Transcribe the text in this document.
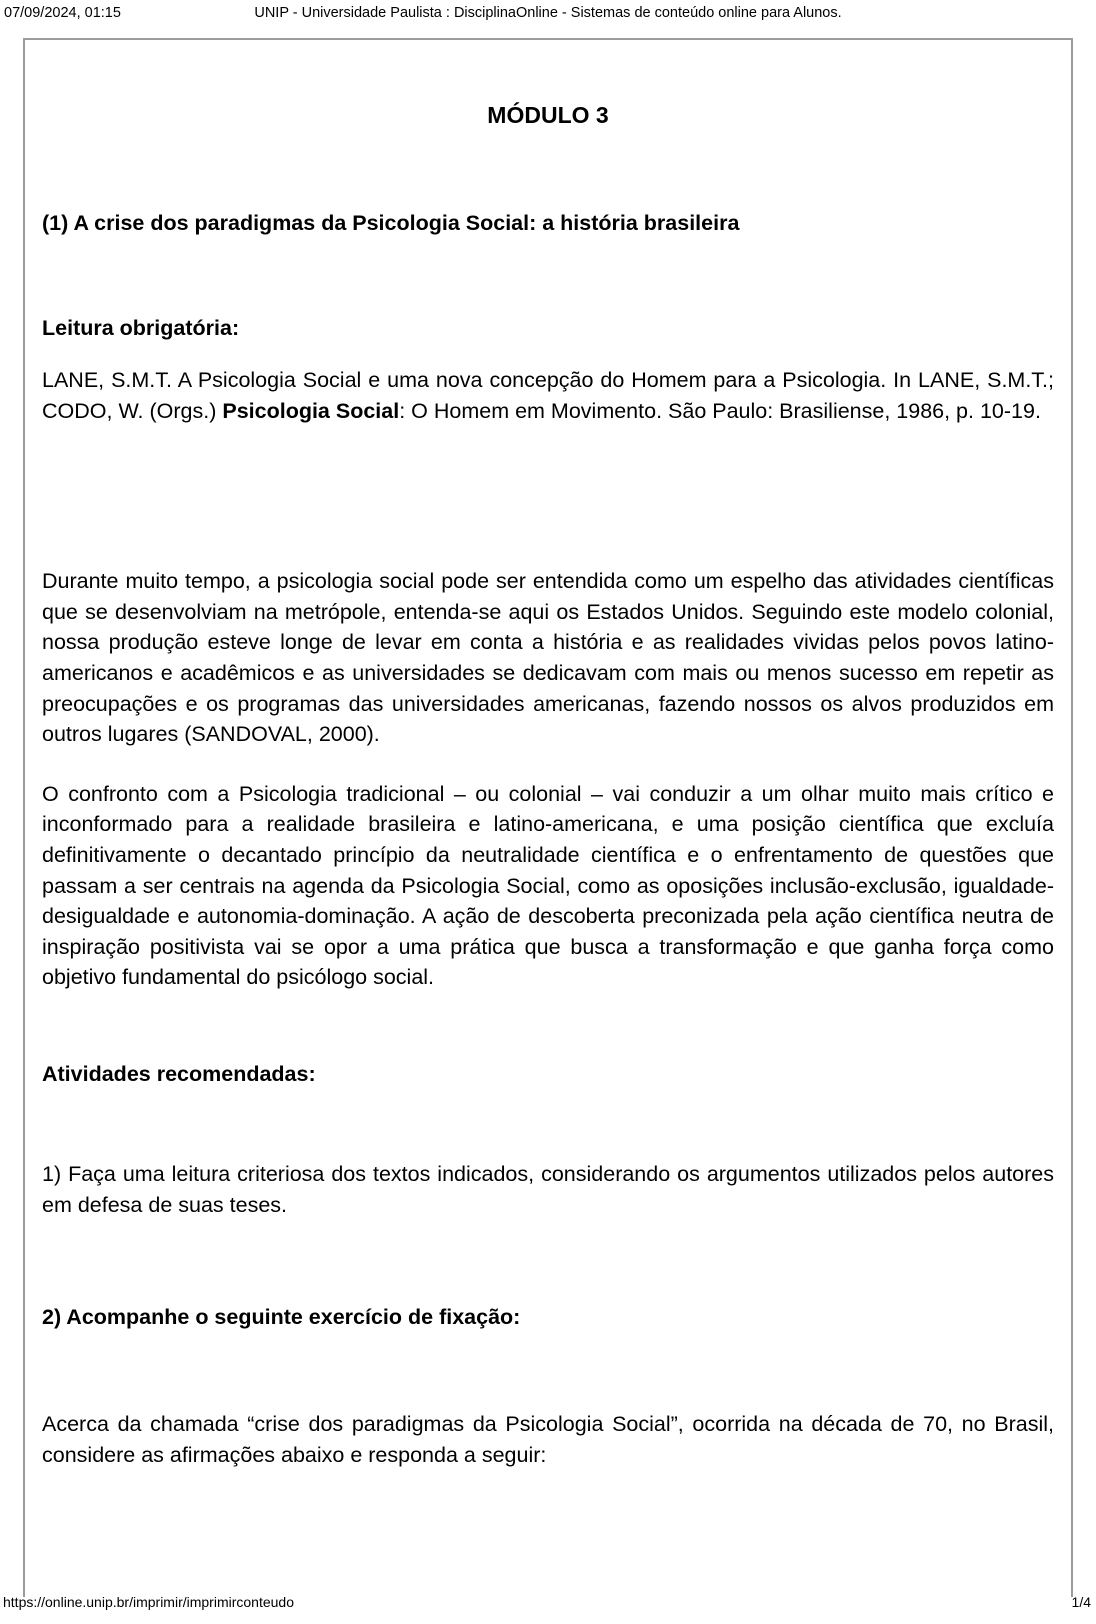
07/09/2024, 01:15	UNIP - Universidade Paulista : DisciplinaOnline - Sistemas de conteúdo online para Alunos.
MÓDULO 3
(1) A crise dos paradigmas da Psicologia Social: a história brasileira
Leitura obrigatória:

LANE, S.M.T. A Psicologia Social e uma nova concepção do Homem para a Psicologia. In LANE, S.M.T.; CODO, W. (Orgs.) Psicologia Social: O Homem em Movimento. São Paulo: Brasiliense, 1986, p. 10-19.

Durante muito tempo, a psicologia social pode ser entendida como um espelho das atividades científicas que se desenvolviam na metrópole, entenda-se aqui os Estados Unidos. Seguindo este modelo colonial, nossa produção esteve longe de levar em conta a história e as realidades vividas pelos povos latino-americanos e acadêmicos e as universidades se dedicavam com mais ou menos sucesso em repetir as preocupações e os programas das universidades americanas, fazendo nossos os alvos produzidos em outros lugares (SANDOVAL, 2000).

O confronto com a Psicologia tradicional – ou colonial – vai conduzir a um olhar muito mais crítico e inconformado para a realidade brasileira e latino-americana, e uma posição científica que excluía definitivamente o decantado princípio da neutralidade científica e o enfrentamento de questões que passam a ser centrais na agenda da Psicologia Social, como as oposições inclusão-exclusão, igualdade-desigualdade e autonomia-dominação. A ação de descoberta preconizada pela ação científica neutra de inspiração positivista vai se opor a uma prática que busca a transformação e que ganha força como objetivo fundamental do psicólogo social.

Atividades recomendadas:

1) Faça uma leitura criteriosa dos textos indicados, considerando os argumentos utilizados pelos autores em defesa de suas teses.

2) Acompanhe o seguinte exercício de fixação:

Acerca da chamada “crise dos paradigmas da Psicologia Social”, ocorrida na década de 70, no Brasil, considere as afirmações abaixo e responda a seguir:

https://online.unip.br/imprimir/imprimirconteudo	1/4
